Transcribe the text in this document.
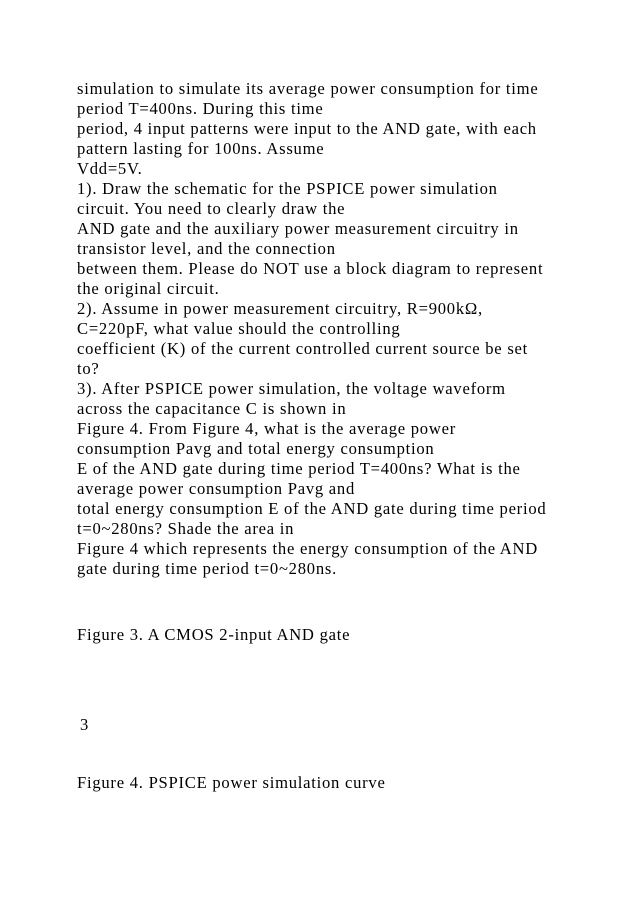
simulation to simulate its average power consumption for time
period T=400ns. During this time
period, 4 input patterns were input to the AND gate, with each
pattern lasting for 100ns. Assume
Vdd=5V.
1). Draw the schematic for the PSPICE power simulation
circuit. You need to clearly draw the
AND gate and the auxiliary power measurement circuitry in
transistor level, and the connection
between them. Please do NOT use a block diagram to represent
the original circuit.
2). Assume in power measurement circuitry, R=900kΩ,
C=220pF, what value should the controlling
coefficient (K) of the current controlled current source be set
to?
3). After PSPICE power simulation, the voltage waveform
across the capacitance C is shown in
Figure 4. From Figure 4, what is the average power
consumption Pavg and total energy consumption
E of the AND gate during time period T=400ns? What is the
average power consumption Pavg and
total energy consumption E of the AND gate during time period
t=0~280ns? Shade the area in
Figure 4 which represents the energy consumption of the AND
gate during time period t=0~280ns.
Figure 3. A CMOS 2-input AND gate
3
Figure 4. PSPICE power simulation curve
